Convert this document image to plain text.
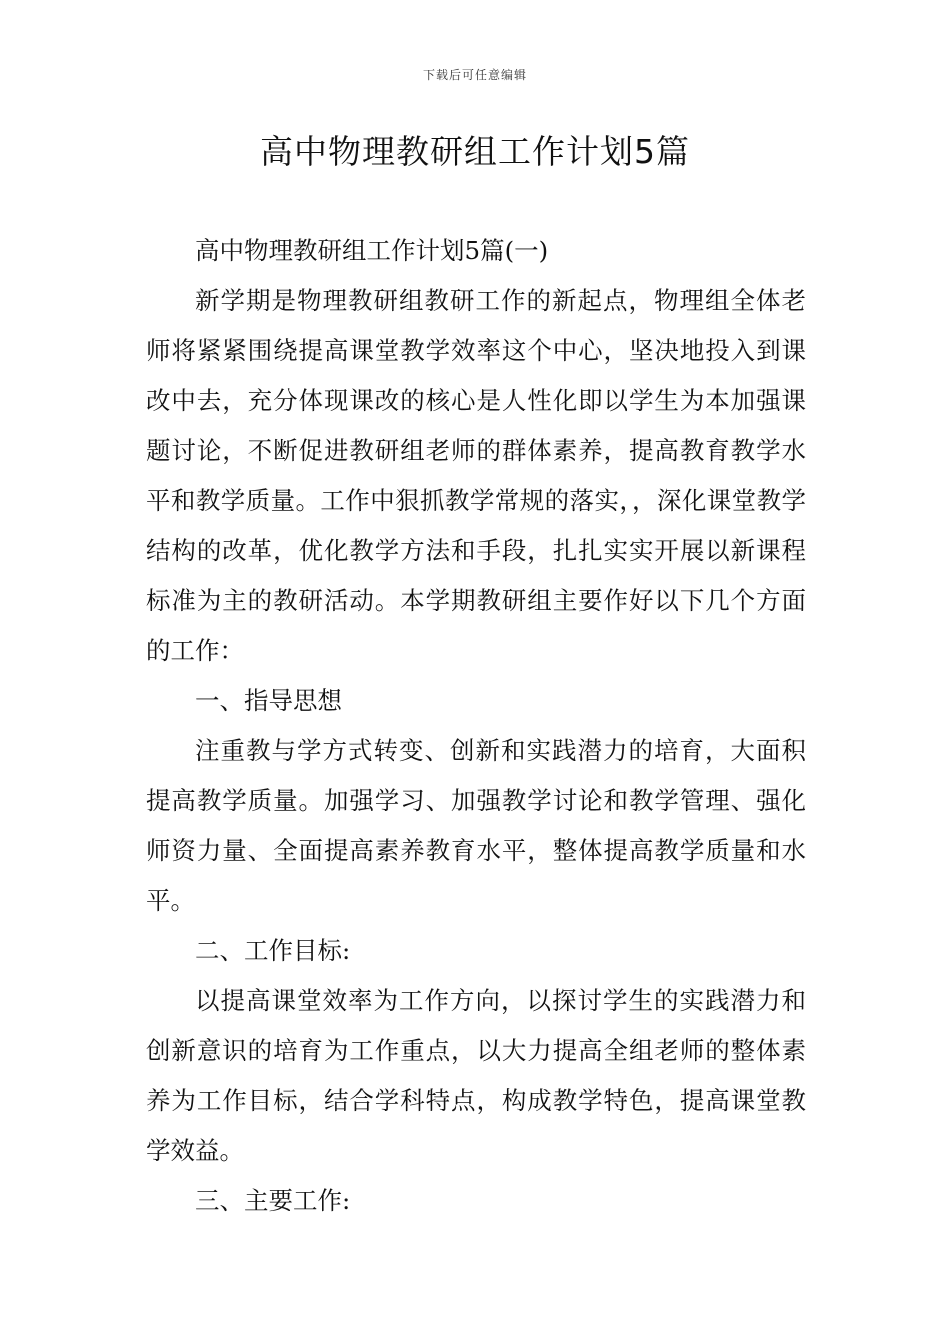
下载后可任意编辑
高中物理教研组工作计划5篇

高中物理教研组工作计划5篇(一)

新学期是物理教研组教研工作的新起点，物理组全体老师将紧紧围绕提高课堂教学效率这个中心，坚决地投入到课改中去，充分体现课改的核心是人性化即以学生为本加强课题讨论，不断促进教研组老师的群体素养，提高教育教学水平和教学质量。工作中狠抓教学常规的落实，，深化课堂教学结构的改革，优化教学方法和手段，扎扎实实开展以新课程标准为主的教研活动。本学期教研组主要作好以下几个方面的工作：

一、指导思想

注重教与学方式转变、创新和实践潜力的培育，大面积提高教学质量。加强学习、加强教学讨论和教学管理、强化师资力量、全面提高素养教育水平，整体提高教学质量和水平。

二、工作目标:

以提高课堂效率为工作方向，以探讨学生的实践潜力和创新意识的培育为工作重点，以大力提高全组老师的整体素养为工作目标，结合学科特点，构成教学特色，提高课堂教学效益。

三、主要工作:
